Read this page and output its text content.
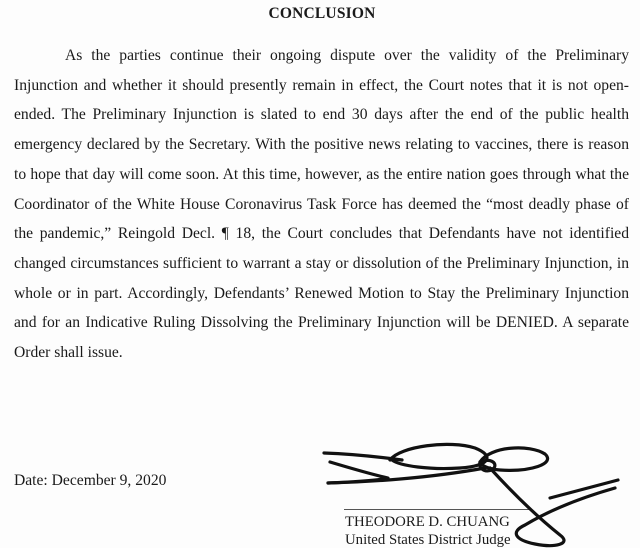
CONCLUSION

As the parties continue their ongoing dispute over the validity of the Preliminary Injunction and whether it should presently remain in effect, the Court notes that it is not open-ended. The Preliminary Injunction is slated to end 30 days after the end of the public health emergency declared by the Secretary. With the positive news relating to vaccines, there is reason to hope that day will come soon. At this time, however, as the entire nation goes through what the Coordinator of the White House Coronavirus Task Force has deemed the “most deadly phase of the pandemic,” Reingold Decl. ¶ 18, the Court concludes that Defendants have not identified changed circumstances sufficient to warrant a stay or dissolution of the Preliminary Injunction, in whole or in part. Accordingly, Defendants’ Renewed Motion to Stay the Preliminary Injunction and for an Indicative Ruling Dissolving the Preliminary Injunction will be DENIED. A separate Order shall issue.

Date: December 9, 2020
THEODORE D. CHUANG
United States District Judge
